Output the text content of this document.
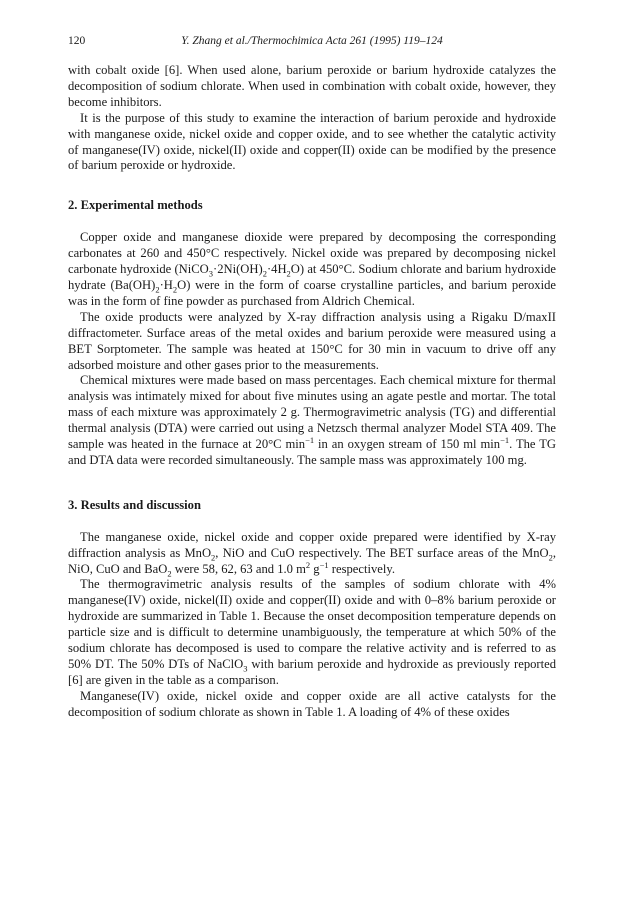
120	Y. Zhang et al./Thermochimica Acta 261 (1995) 119–124

with cobalt oxide [6]. When used alone, barium peroxide or barium hydroxide catalyzes the decomposition of sodium chlorate. When used in combination with cobalt oxide, however, they become inhibitors.

It is the purpose of this study to examine the interaction of barium peroxide and hydroxide with manganese oxide, nickel oxide and copper oxide, and to see whether the catalytic activity of manganese(IV) oxide, nickel(II) oxide and copper(II) oxide can be modified by the presence of barium peroxide or hydroxide.

2. Experimental methods

Copper oxide and manganese dioxide were prepared by decomposing the corresponding carbonates at 260 and 450°C respectively. Nickel oxide was prepared by decomposing nickel carbonate hydroxide $(NiCO_3\cdot 2Ni(OH)_2\cdot 4H_2O)$ at 450°C. Sodium chlorate and barium hydroxide hydrate $(Ba(OH)_2\cdot H_2O)$ were in the form of coarse crystalline particles, and barium peroxide was in the form of fine powder as purchased from Aldrich Chemical.

The oxide products were analyzed by X-ray diffraction analysis using a Rigaku D/maxII diffractometer. Surface areas of the metal oxides and barium peroxide were measured using a BET Sorptometer. The sample was heated at 150°C for 30 min in vacuum to drive off any adsorbed moisture and other gases prior to the measurements.

Chemical mixtures were made based on mass percentages. Each chemical mixture for thermal analysis was intimately mixed for about five minutes using an agate pestle and mortar. The total mass of each mixture was approximately 2 g. Thermogravimetric analysis (TG) and differential thermal analysis (DTA) were carried out using a Netzsch thermal analyzer Model STA 409. The sample was heated in the furnace at 20°C $\min^{-1}$ in an oxygen stream of 150 ml $\min^{-1}$. The TG and DTA data were recorded simultaneously. The sample mass was approximately 100 mg.

3. Results and discussion

The manganese oxide, nickel oxide and copper oxide prepared were identified by X-ray diffraction analysis as MnO$_2$, NiO and CuO respectively. The BET surface areas of the MnO$_2$, NiO, CuO and BaO$_2$ were 58, 62, 63 and 1.0 $m^2$ $g^{-1}$ respectively.

The thermogravimetric analysis results of the samples of sodium chlorate with 4% manganese(IV) oxide, nickel(II) oxide and copper(II) oxide and with 0–8% barium peroxide or hydroxide are summarized in Table 1. Because the onset decomposition temperature depends on particle size and is difficult to determine unambiguously, the temperature at which 50% of the sodium chlorate has decomposed is used to compare the relative activity and is referred to as 50% DT. The 50% DTs of NaClO$_3$ with barium peroxide and hydroxide as previously reported [6] are given in the table as a comparison.

Manganese(IV) oxide, nickel oxide and copper oxide are all active catalysts for the decomposition of sodium chlorate as shown in Table 1. A loading of 4% of these oxides
